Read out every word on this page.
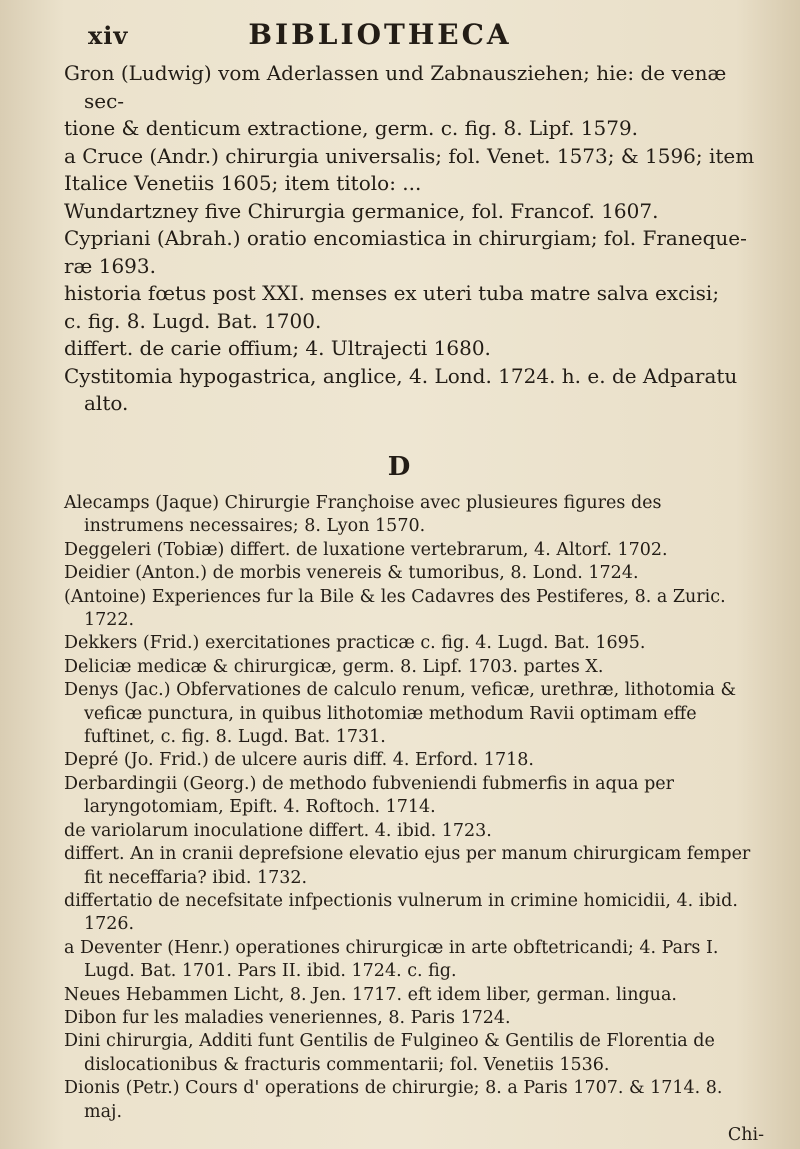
xiv	BIBLIOTHECA

Gron (Ludwig) vom Aderlassen und Zabnausziehen; hie: de venæ sec-

tione & denticum extractione, germ. c. fig. 8. Lipf. 1579.

a Cruce (Andr.) chirurgia universalis; fol. Venet. 1573; & 1596; item

Italice Venetiis 1605; item titolo: ...

Wundartzney five Chirurgia germanice, fol. Francof. 1607.

Cypriani (Abrah.) oratio encomiastica in chirurgiam; fol. Franeque-

ræ 1693.

historia fœtus post XXI. menses ex uteri tuba matre salva excisi;

c. fig. 8. Lugd. Bat. 1700.

differt. de carie offium; 4. Ultrajecti 1680.

Cystitomia hypogastrica, anglice, 4. Lond. 1724. h. e. de Adparatu alto.

D

Alecamps (Jaque) Chirurgie Françhoise avec plusieures figures des instrumens necessaires; 8. Lyon 1570.

Deggeleri (Tobiæ) differt. de luxatione vertebrarum, 4. Altorf. 1702.

Deidier (Anton.) de morbis venereis & tumoribus, 8. Lond. 1724.

(Antoine) Experiences fur la Bile & les Cadavres des Pestiferes, 8. a Zuric. 1722.

Dekkers (Frid.) exercitationes practicæ c. fig. 4. Lugd. Bat. 1695.

Deliciæ medicæ & chirurgicæ, germ. 8. Lipf. 1703. partes X.

Denys (Jac.) Obfervationes de calculo renum, veficæ, urethræ, lithotomia & veficæ punctura, in quibus lithotomiæ methodum Ravii optimam effe fuftinet, c. fig. 8. Lugd. Bat. 1731.

Depré (Jo. Frid.) de ulcere auris diff. 4. Erford. 1718.

Derbardingii (Georg.) de methodo fubveniendi fubmerfis in aqua per laryngotomiam, Epift. 4. Roftoch. 1714.

de variolarum inoculatione differt. 4. ibid. 1723.

differt. An in cranii deprefsione elevatio ejus per manum chirurgicam femper fit neceffaria? ibid. 1732.

differtatio de necefsitate infpectionis vulnerum in crimine homicidii, 4. ibid. 1726.

a Deventer (Henr.) operationes chirurgicæ in arte obftetricandi; 4. Pars I. Lugd. Bat. 1701. Pars II. ibid. 1724. c. fig.

Neues Hebammen Licht, 8. Jen. 1717. eft idem liber, german. lingua.

Dibon fur les maladies veneriennes, 8. Paris 1724.

Dini chirurgia, Additi funt Gentilis de Fulgineo & Gentilis de Florentia de dislocationibus & fracturis commentarii; fol. Venetiis 1536.

Dionis (Petr.) Cours d' operations de chirurgie; 8. a Paris 1707. & 1714. 8. maj.

Chi-
